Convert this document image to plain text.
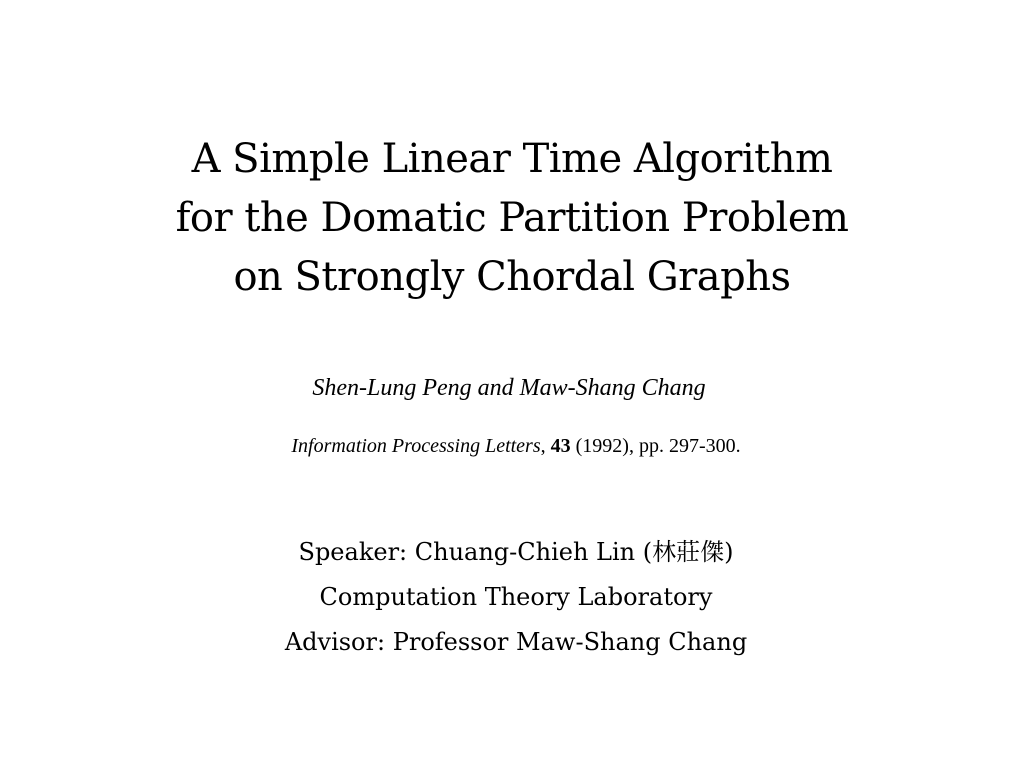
A Simple Linear Time Algorithm
for the Domatic Partition Problem
on Strongly Chordal Graphs
Shen-Lung Peng and Maw-Shang Chang
Information Processing Letters, 43 (1992), pp. 297-300.
Speaker: Chuang-Chieh Lin (林莊傑)
Computation Theory Laboratory
Advisor: Professor Maw-Shang Chang
